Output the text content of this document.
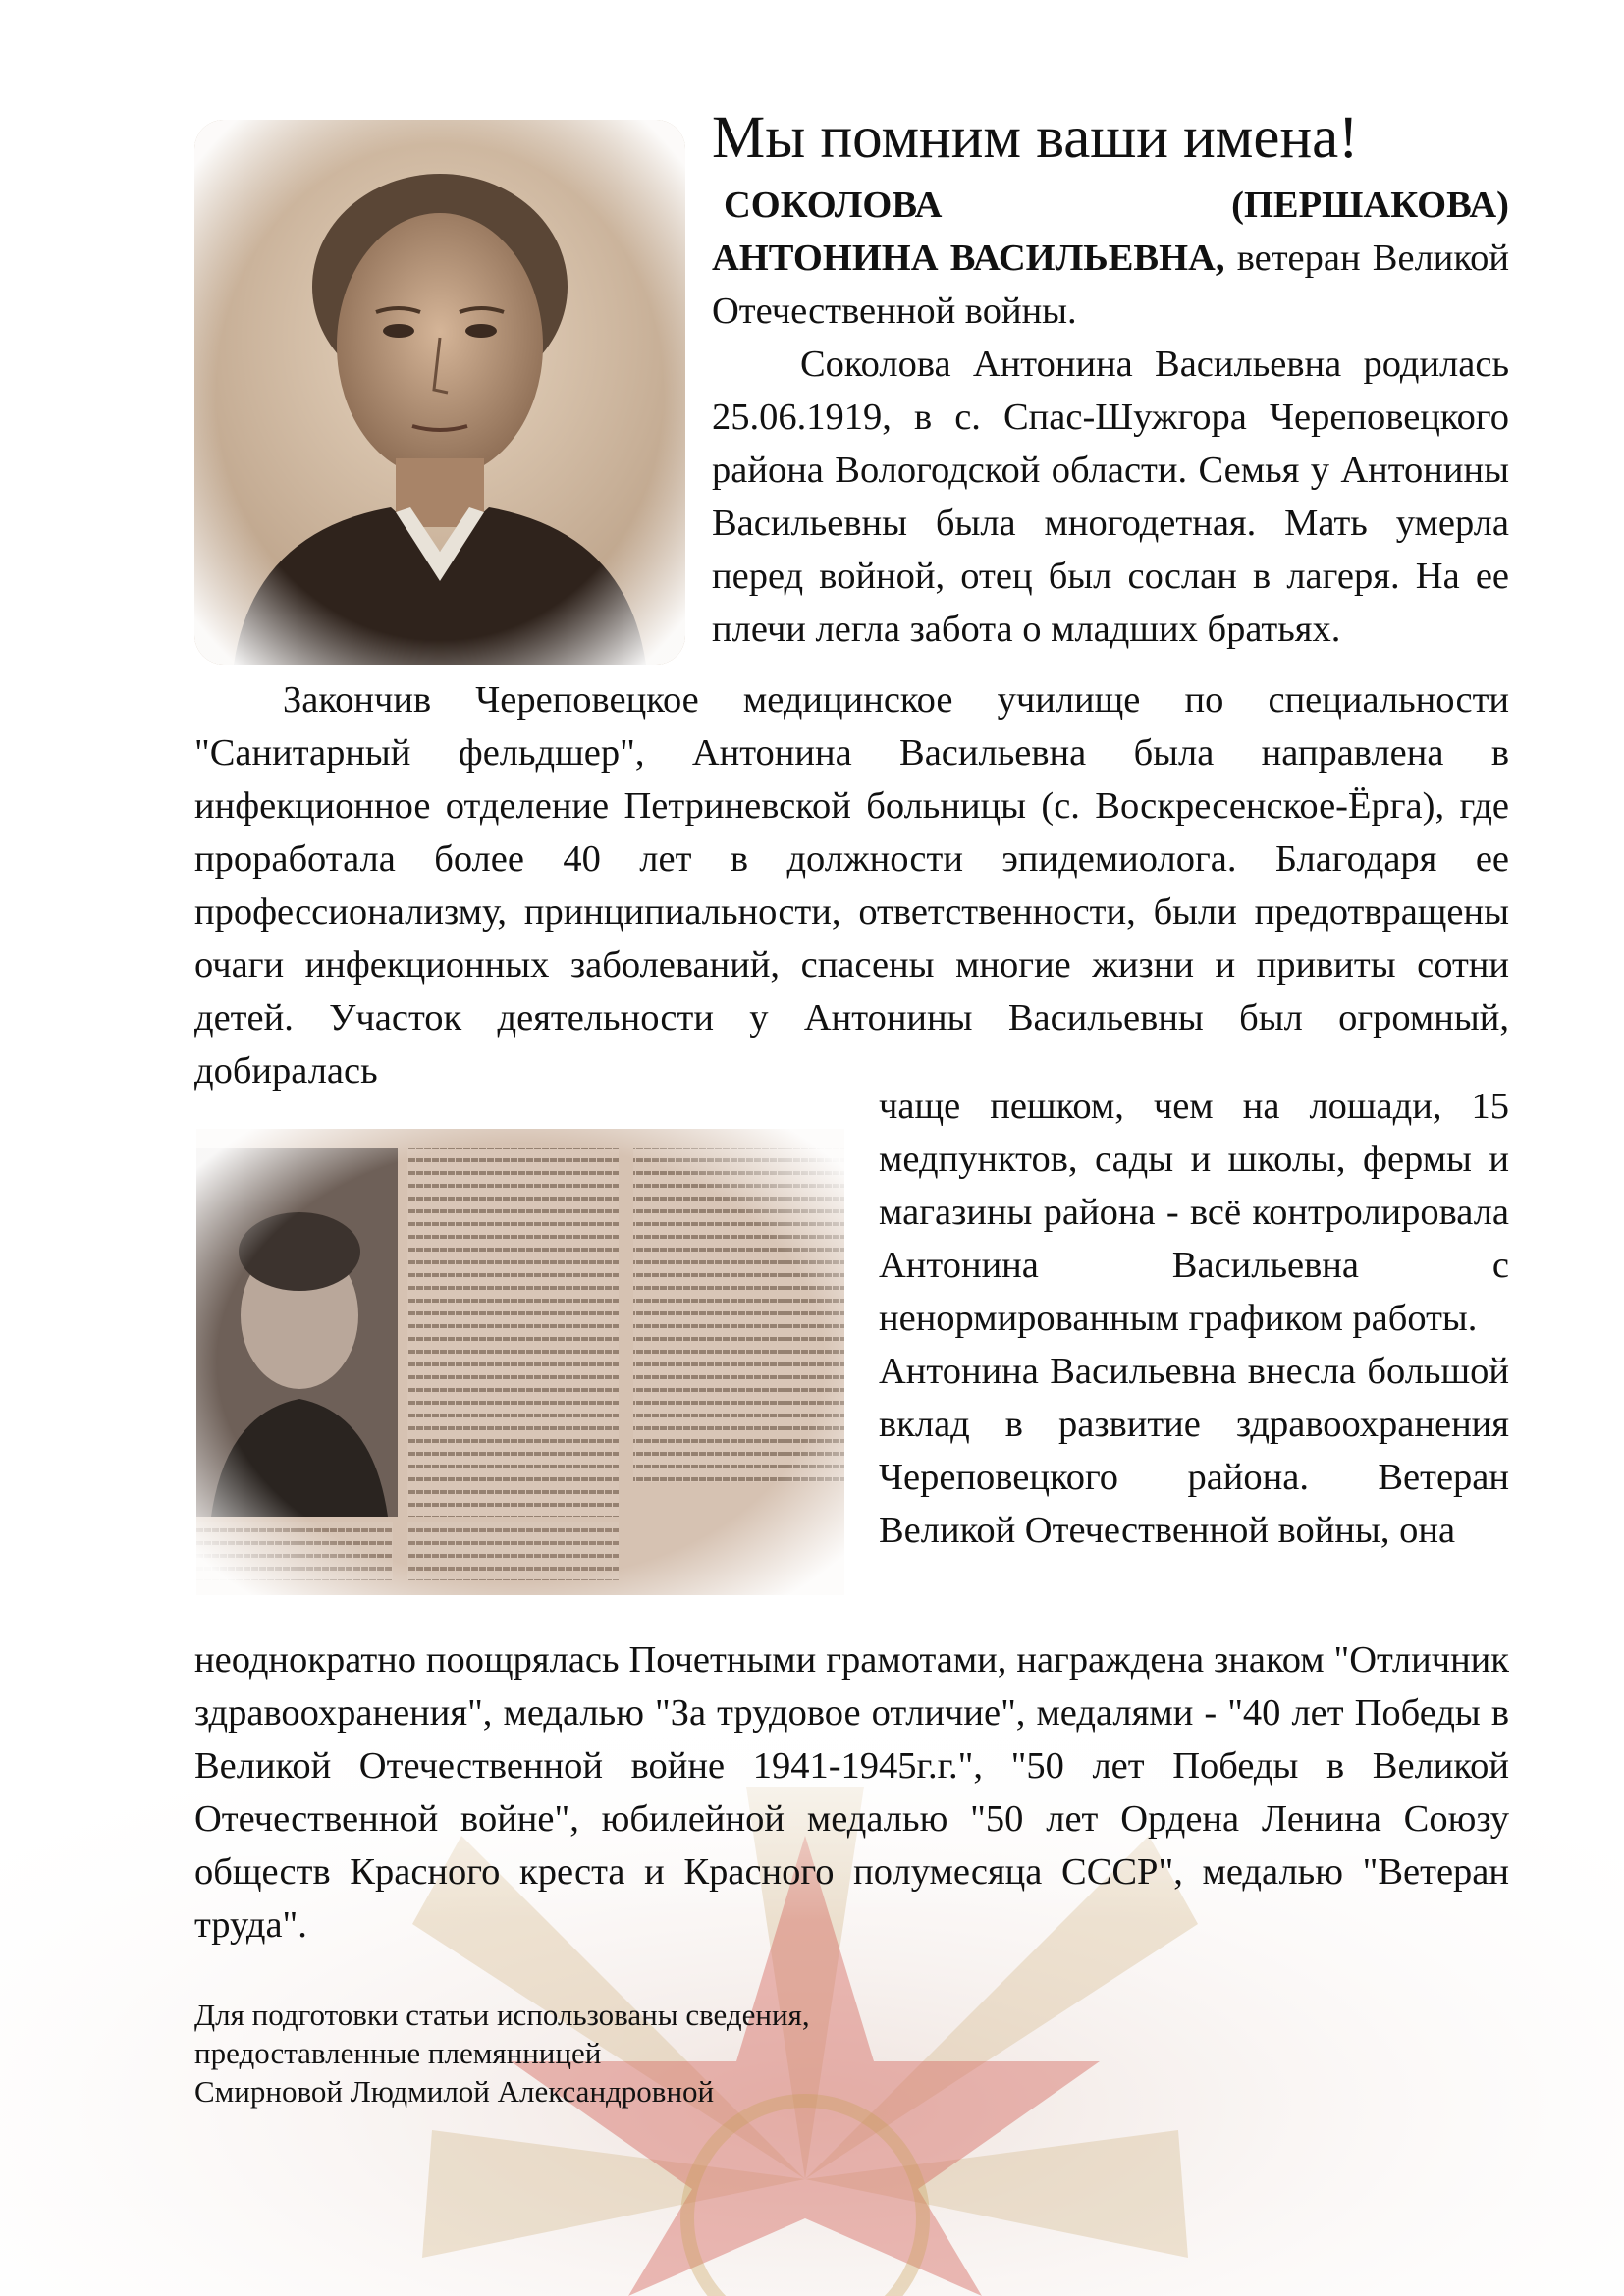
Мы помним ваши имена!
СОКОЛОВА	(ПЕРШАКОВА)

АНТОНИНА ВАСИЛЬЕВНА, ветеран Великой Отечественной войны.

Соколова Антонина Васильевна родилась 25.06.1919, в с. Спас-Шужгора Череповецкого района Вологодской области. Семья у Антонины Васильевны была многодетная. Мать умерла перед войной, отец был сослан в лагеря. На ее плечи легла забота о младших братьях.

Закончив Череповецкое медицинское училище по специальности "Санитарный фельдшер", Антонина Васильевна была направлена в инфекционное отделение Петриневской больницы (с. Воскресенское-Ёрга), где проработала более 40 лет в должности эпидемиолога. Благодаря ее профессионализму, принципиальности, ответственности, были предотвращены очаги инфекционных заболеваний, спасены многие жизни и привиты сотни детей. Участок деятельности у Антонины Васильевны был огромный, добиралась

чаще пешком, чем на лошади, 15 медпунктов, сады и школы, фермы и магазины района - всё контролировала Антонина Васильевна с ненормированным графиком работы.

Антонина Васильевна внесла большой вклад в развитие здравоохранения Череповецкого района. Ветеран Великой Отечественной войны, она

неоднократно поощрялась Почетными грамотами, награждена знаком "Отличник здравоохранения", медалью "За трудовое отличие", медалями - "40 лет Победы в Великой Отечественной войне 1941-1945г.г.", "50 лет Победы в Великой Отечественной войне", юбилейной медалью "50 лет Ордена Ленина Союзу обществ Красного креста и Красного полумесяца СССР", медалью "Ветеран труда".

Для подготовки статьи использованы сведения,

предоставленные племянницей

Смирновой Людмилой Александровной
